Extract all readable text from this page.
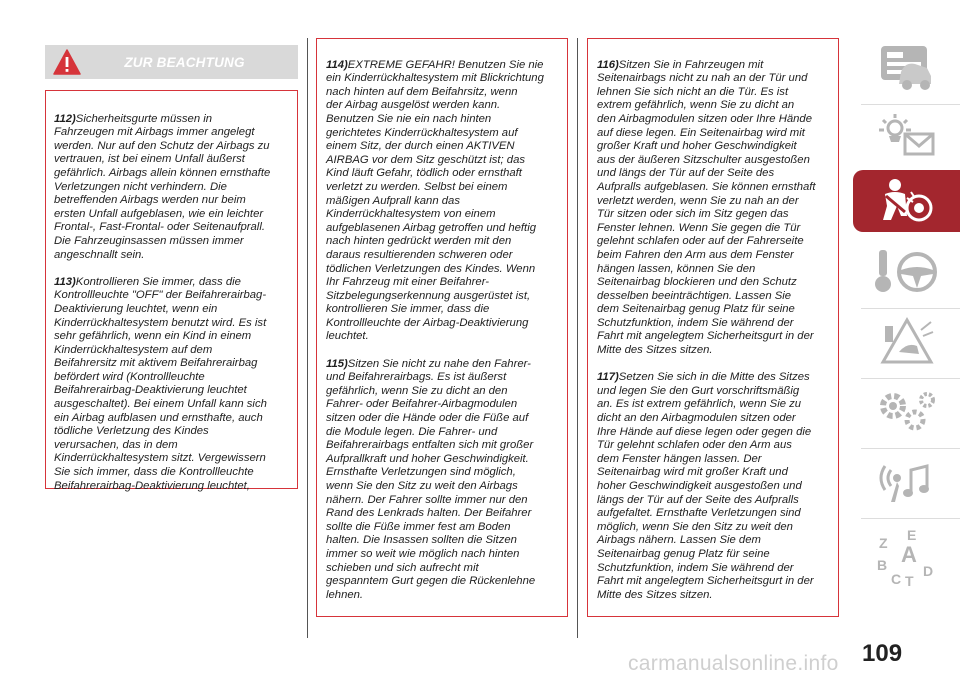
ZUR BEACHTUNG

112)Sicherheitsgurte müssen in
Fahrzeugen mit Airbags immer angelegt
werden. Nur auf den Schutz der Airbags zu
vertrauen, ist bei einem Unfall äußerst
gefährlich. Airbags allein können ernsthafte
Verletzungen nicht verhindern. Die
betreffenden Airbags werden nur beim
ersten Unfall aufgeblasen, wie ein leichter
Frontal-, Fast-Frontal- oder Seitenaufprall.
Die Fahrzeuginsassen müssen immer
angeschnallt sein.

113)Kontrollieren Sie immer, dass die
Kontrollleuchte "OFF" der Beifahrerairbag-
Deaktivierung leuchtet, wenn ein
Kinderrückhaltesystem benutzt wird. Es ist
sehr gefährlich, wenn ein Kind in einem
Kinderrückhaltesystem auf dem
Beifahrersitz mit aktivem Beifahrerairbag
befördert wird (Kontrollleuchte
Beifahrerairbag-Deaktivierung leuchtet
ausgeschaltet). Bei einem Unfall kann sich
ein Airbag aufblasen und ernsthafte, auch
tödliche Verletzung des Kindes
verursachen, das in dem
Kinderrückhaltesystem sitzt. Vergewissern
Sie sich immer, dass die Kontrollleuchte
Beifahrerairbag-Deaktivierung leuchtet,

114)EXTREME GEFAHR! Benutzen Sie nie
ein Kinderrückhaltesystem mit Blickrichtung
nach hinten auf dem Beifahrsitz, wenn
der Airbag ausgelöst werden kann.
Benutzen Sie nie ein nach hinten
gerichtetes Kinderrückhaltesystem auf
einem Sitz, der durch einen AKTIVEN
AIRBAG vor dem Sitz geschützt ist; das
Kind läuft Gefahr, tödlich oder ernsthaft
verletzt zu werden. Selbst bei einem
mäßigen Aufprall kann das
Kinderrückhaltesystem von einem
aufgeblasenen Airbag getroffen und heftig
nach hinten gedrückt werden mit den
daraus resultierenden schweren oder
tödlichen Verletzungen des Kindes. Wenn
Ihr Fahrzeug mit einer Beifahrer-
Sitzbelegungserkennung ausgerüstet ist,
kontrollieren Sie immer, dass die
Kontrollleuchte der Airbag-Deaktivierung
leuchtet.

115)Sitzen Sie nicht zu nahe den Fahrer-
und Beifahrerairbags. Es ist äußerst
gefährlich, wenn Sie zu dicht an den
Fahrer- oder Beifahrer-Airbagmodulen
sitzen oder die Hände oder die Füße auf
die Module legen. Die Fahrer- und
Beifahrerairbags entfalten sich mit großer
Aufprallkraft und hoher Geschwindigkeit.
Ernsthafte Verletzungen sind möglich,
wenn Sie den Sitz zu weit den Airbags
nähern. Der Fahrer sollte immer nur den
Rand des Lenkrads halten. Der Beifahrer
sollte die Füße immer fest am Boden
halten. Die Insassen sollten die Sitzen
immer so weit wie möglich nach hinten
schieben und sich aufrecht mit
gespanntem Gurt gegen die Rückenlehne
lehnen.

116)Sitzen Sie in Fahrzeugen mit
Seitenairbags nicht zu nah an der Tür und
lehnen Sie sich nicht an die Tür. Es ist
extrem gefährlich, wenn Sie zu dicht an
den Airbagmodulen sitzen oder Ihre Hände
auf diese legen. Ein Seitenairbag wird mit
großer Kraft und hoher Geschwindigkeit
aus der äußeren Sitzschulter ausgestoßen
und längs der Tür auf der Seite des
Aufpralls aufgeblasen. Sie können ernsthaft
verletzt werden, wenn Sie zu nah an der
Tür sitzen oder sich im Sitz gegen das
Fenster lehnen. Wenn Sie gegen die Tür
gelehnt schlafen oder auf der Fahrerseite
beim Fahren den Arm aus dem Fenster
hängen lassen, können Sie den
Seitenairbag blockieren und den Schutz
desselben beeinträchtigen. Lassen Sie
dem Seitenairbag genug Platz für seine
Schutzfunktion, indem Sie während der
Fahrt mit angelegtem Sicherheitsgurt in der
Mitte des Sitzes sitzen.

117)Setzen Sie sich in die Mitte des Sitzes
und legen Sie den Gurt vorschriftsmäßig
an. Es ist extrem gefährlich, wenn Sie zu
dicht an den Airbagmodulen sitzen oder
Ihre Hände auf diese legen oder gegen die
Tür gelehnt schlafen oder den Arm aus
dem Fenster hängen lassen. Der
Seitenairbag wird mit großer Kraft und
hoher Geschwindigkeit ausgestoßen und
längs der Tür auf der Seite des Aufpralls
aufgefaltet. Ernsthafte Verletzungen sind
möglich, wenn Sie den Sitz zu weit den
Airbags nähern. Lassen Sie dem
Seitenairbag genug Platz für seine
Schutzfunktion, indem Sie während der
Fahrt mit angelegtem Sicherheitsgurt in der
Mitte des Sitzes sitzen.

Z E
B A
C T
D
109
carmanualsonline.info
